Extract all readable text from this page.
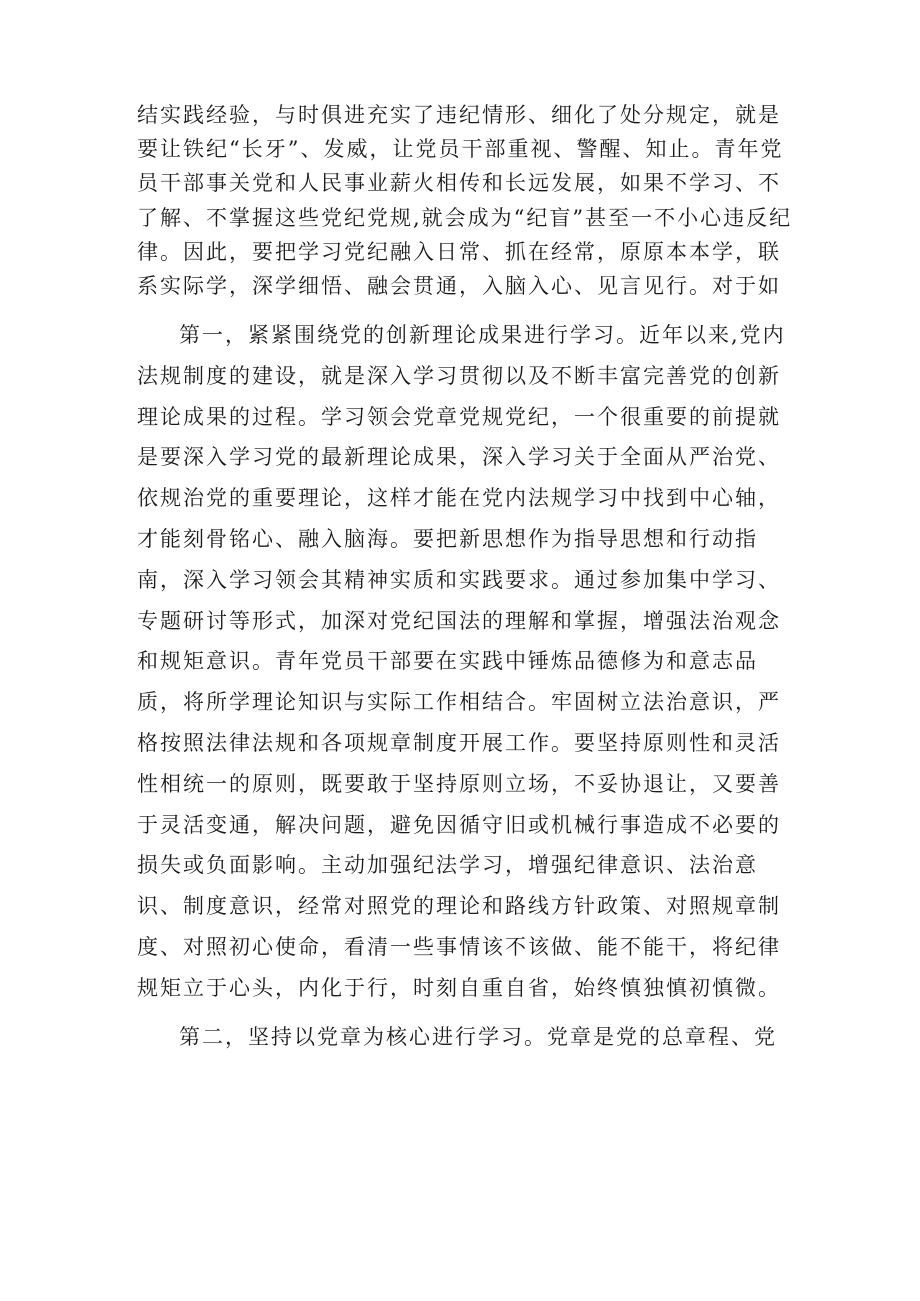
结实践经验，与时俱进充实了违纪情形、细化了处分规定，就是要让铁纪“长牙”、发威，让党员干部重视、警醒、知止。青年党员干部事关党和人民事业薪火相传和长远发展，如果不学习、不了解、不掌握这些党纪党规,就会成为“纪盲”甚至一不小心违反纪律。因此，要把学习党纪融入日常、抓在经常，原原本本学，联系实际学，深学细悟、融会贯通，入脑入心、见言见行。对于如

第一，紧紧围绕党的创新理论成果进行学习。近年以来,党内法规制度的建设，就是深入学习贯彻以及不断丰富完善党的创新理论成果的过程。学习领会党章党规党纪，一个很重要的前提就是要深入学习党的最新理论成果，深入学习关于全面从严治党、依规治党的重要理论，这样才能在党内法规学习中找到中心轴，才能刻骨铭心、融入脑海。要把新思想作为指导思想和行动指南，深入学习领会其精神实质和实践要求。通过参加集中学习、专题研讨等形式，加深对党纪国法的理解和掌握，增强法治观念和规矩意识。青年党员干部要在实践中锤炼品德修为和意志品质，将所学理论知识与实际工作相结合。牢固树立法治意识，严格按照法律法规和各项规章制度开展工作。要坚持原则性和灵活性相统一的原则，既要敢于坚持原则立场，不妥协退让，又要善于灵活变通，解决问题，避免因循守旧或机械行事造成不必要的损失或负面影响。主动加强纪法学习，增强纪律意识、法治意识、制度意识，经常对照党的理论和路线方针政策、对照规章制度、对照初心使命，看清一些事情该不该做、能不能干，将纪律规矩立于心头，内化于行，时刻自重自省，始终慎独慎初慎微。

第二，坚持以党章为核心进行学习。党章是党的总章程、党
